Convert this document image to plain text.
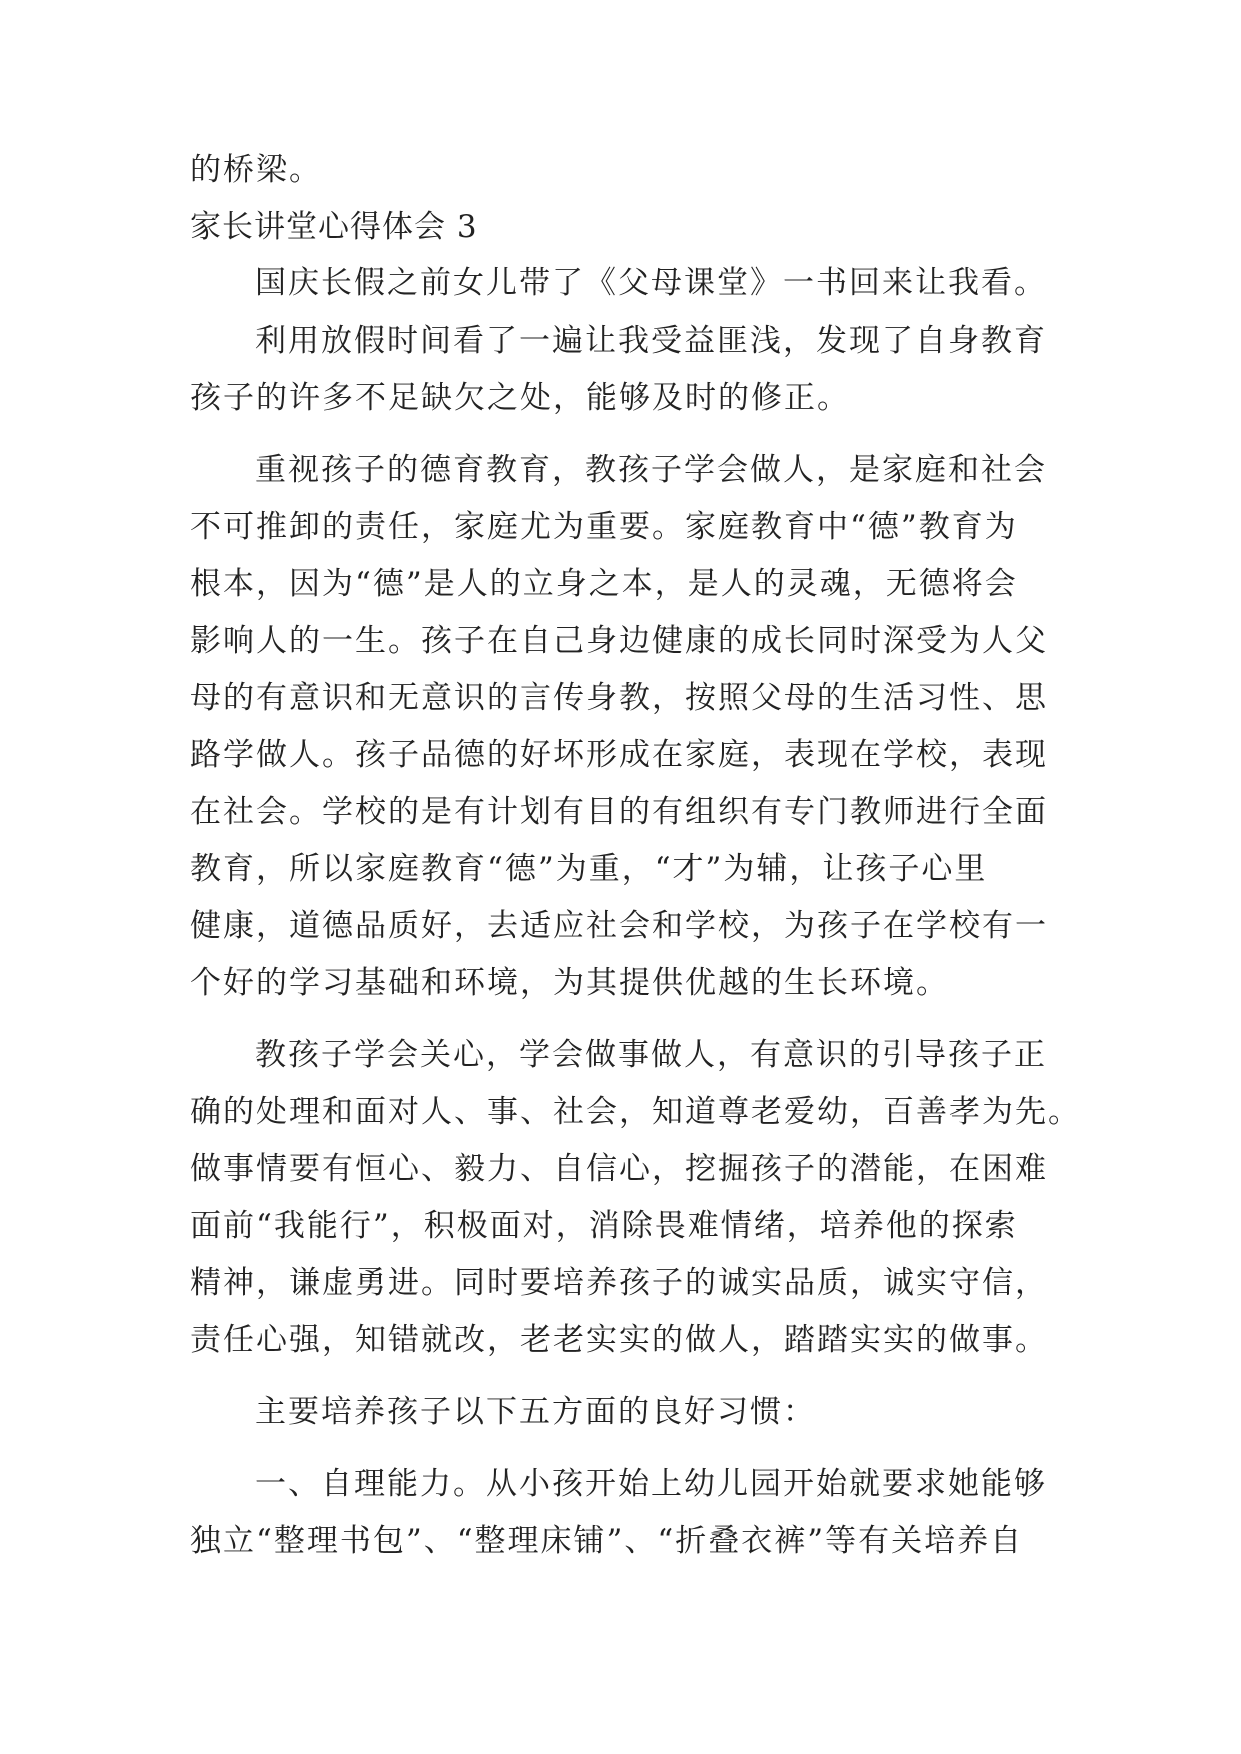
的桥梁。
家长讲堂心得体会 3
国庆长假之前女儿带了《父母课堂》一书回来让我看。
利用放假时间看了一遍让我受益匪浅，发现了自身教育
孩子的许多不足缺欠之处，能够及时的修正。
重视孩子的德育教育，教孩子学会做人，是家庭和社会
不可推卸的责任，家庭尤为重要。家庭教育中“德”教育为
根本，因为“德”是人的立身之本，是人的灵魂，无德将会
影响人的一生。孩子在自己身边健康的成长同时深受为人父
母的有意识和无意识的言传身教，按照父母的生活习性、思
路学做人。孩子品德的好坏形成在家庭，表现在学校，表现
在社会。学校的是有计划有目的有组织有专门教师进行全面
教育，所以家庭教育“德”为重，“才”为辅，让孩子心里
健康，道德品质好，去适应社会和学校，为孩子在学校有一
个好的学习基础和环境，为其提供优越的生长环境。
教孩子学会关心，学会做事做人，有意识的引导孩子正
确的处理和面对人、事、社会，知道尊老爱幼，百善孝为先。
做事情要有恒心、毅力、自信心，挖掘孩子的潜能，在困难
面前“我能行”，积极面对，消除畏难情绪，培养他的探索
精神，谦虚勇进。同时要培养孩子的诚实品质，诚实守信，
责任心强，知错就改，老老实实的做人，踏踏实实的做事。
主要培养孩子以下五方面的良好习惯：
一、自理能力。从小孩开始上幼儿园开始就要求她能够
独立“整理书包”、“整理床铺”、“折叠衣裤”等有关培养自
